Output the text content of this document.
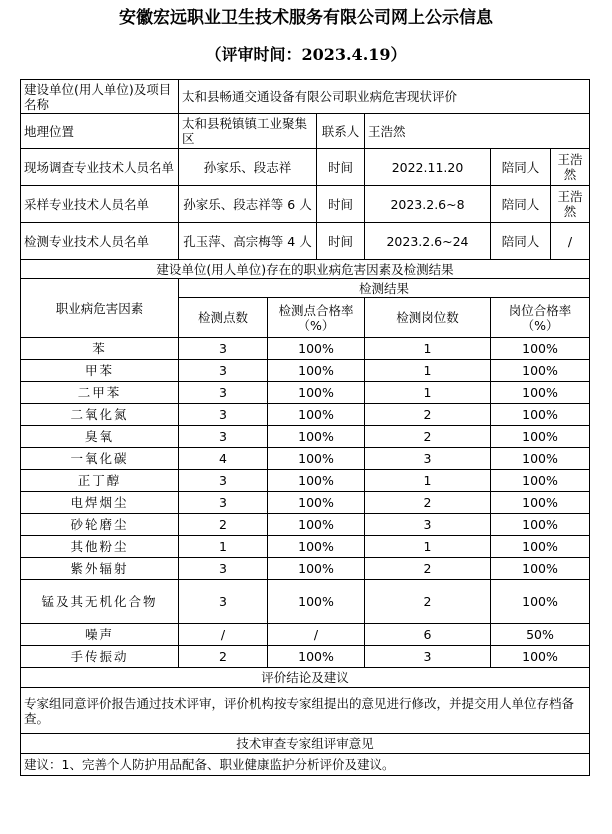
安徽宏远职业卫生技术服务有限公司网上公示信息
（评审时间：2023.4.19）
建设单位(用人单位)及项目名称	太和县畅通交通设备有限公司职业病危害现状评价					
地理位置	太和县税镇镇工业聚集区		联系人	王浩然		
现场调查专业技术人员名单	孙家乐、段志祥		时间	2022.11.20	陪同人	王浩然
采样专业技术人员名单	孙家乐、段志祥等 6 人		时间	2023.2.6~8	陪同人	王浩然
检测专业技术人员名单	孔玉萍、高宗梅等 4 人		时间	2023.2.6~24	陪同人	/
建设单位(用人单位)存在的职业病危害因素及检测结果						
职业病危害因素	检测结果					
	检测点数	检测点合格率（%）		检测岗位数	岗位合格率（%）	
苯	3	100%		1	100%	
甲苯	3	100%		1	100%	
二甲苯	3	100%		1	100%	
二氧化氮	3	100%		2	100%	
臭氧	3	100%		2	100%	
一氧化碳	4	100%		3	100%	
正丁醇	3	100%		1	100%	
电焊烟尘	3	100%		2	100%	
砂轮磨尘	2	100%		3	100%	
其他粉尘	1	100%		1	100%	
紫外辐射	3	100%		2	100%	
锰及其无机化合物	3	100%		2	100%	
噪声	/	/		6	50%	
手传振动	2	100%		3	100%	
评价结论及建议						
专家组同意评价报告通过技术评审，评价机构按专家组提出的意见进行修改，并提交用人单位存档备查。						
技术审查专家组评审意见						
建议：1、完善个人防护用品配备、职业健康监护分析评价及建议。						
